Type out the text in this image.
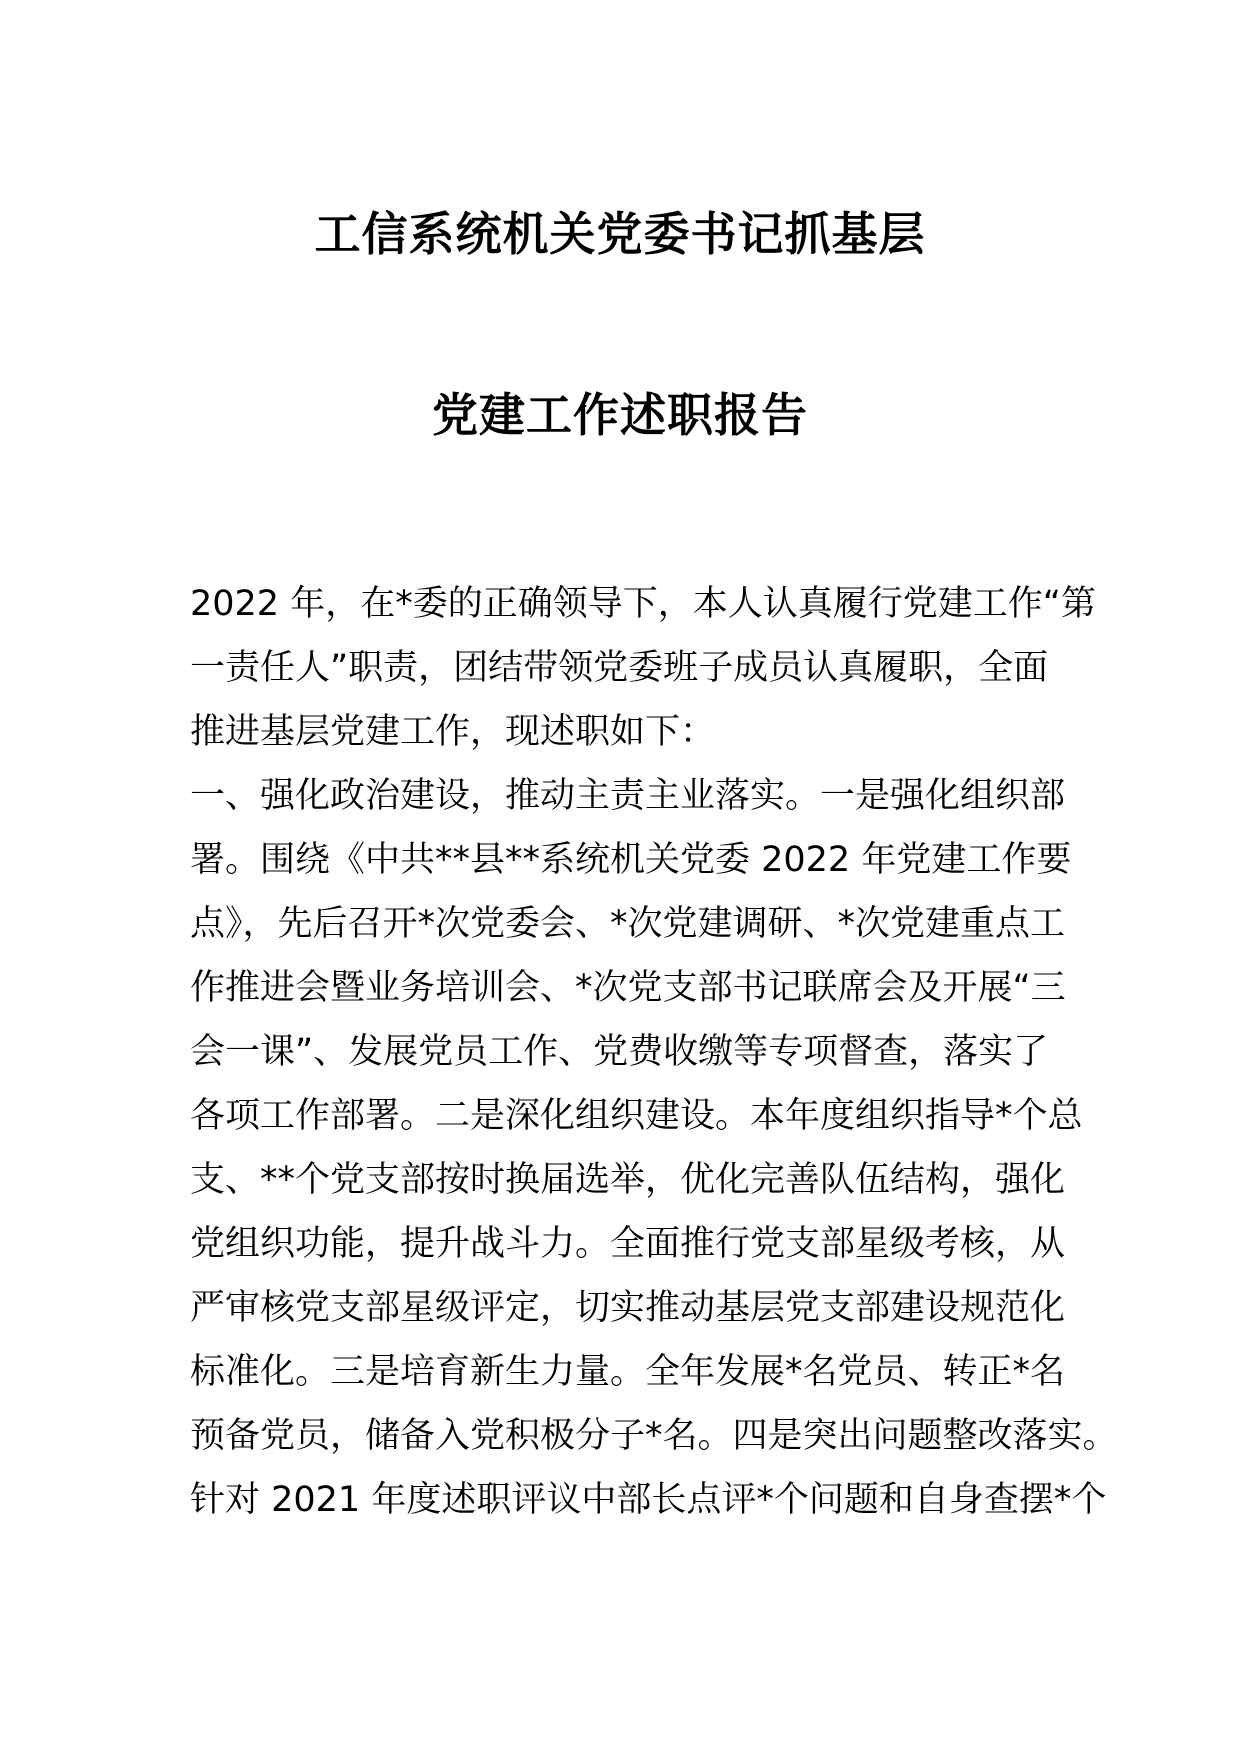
工信系统机关党委书记抓基层
党建工作述职报告
2022 年，在*委的正确领导下，本人认真履行党建工作“第
一责任人”职责，团结带领党委班子成员认真履职，全面
推进基层党建工作，现述职如下：
一、强化政治建设，推动主责主业落实。一是强化组织部
署。围绕《中共**县**系统机关党委 2022 年党建工作要
点》，先后召开*次党委会、*次党建调研、*次党建重点工
作推进会暨业务培训会、*次党支部书记联席会及开展“三
会一课”、发展党员工作、党费收缴等专项督查，落实了
各项工作部署。二是深化组织建设。本年度组织指导*个总
支、**个党支部按时换届选举，优化完善队伍结构，强化
党组织功能，提升战斗力。全面推行党支部星级考核，从
严审核党支部星级评定，切实推动基层党支部建设规范化
标准化。三是培育新生力量。全年发展*名党员、转正*名
预备党员，储备入党积极分子*名。四是突出问题整改落实。
针对 2021 年度述职评议中部长点评*个问题和自身查摆*个
